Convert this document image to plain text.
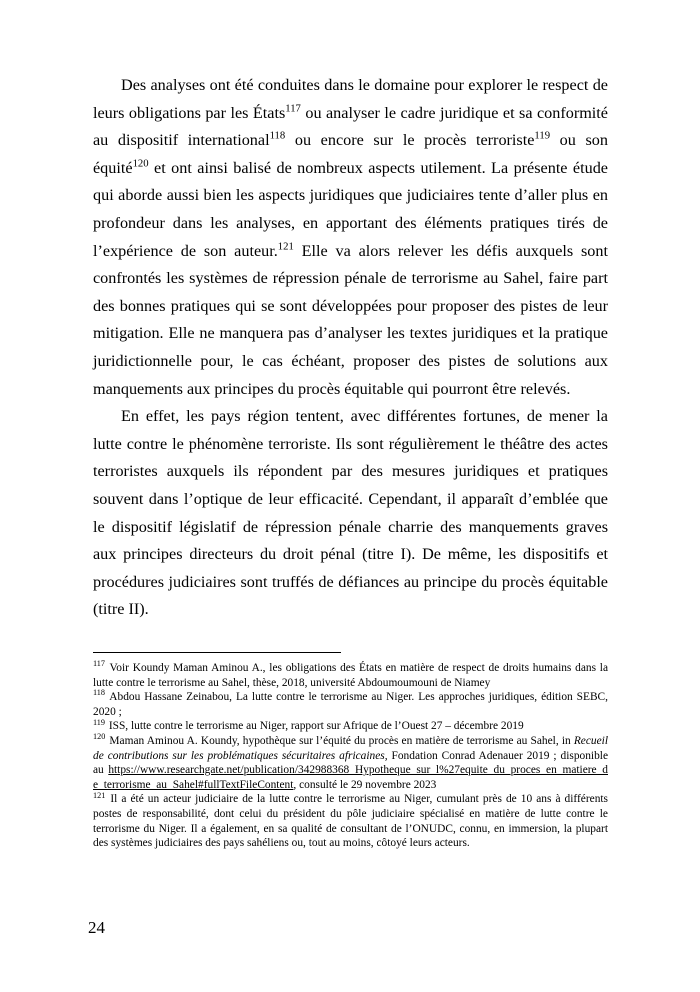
Des analyses ont été conduites dans le domaine pour explorer le respect de leurs obligations par les États$^{117}$ ou analyser le cadre juridique et sa conformité au dispositif international$^{118}$ ou encore sur le procès terroriste$^{119}$ ou son équité$^{120}$ et ont ainsi balisé de nombreux aspects utilement. La présente étude qui aborde aussi bien les aspects juridiques que judiciaires tente d’aller plus en profondeur dans les analyses, en apportant des éléments pratiques tirés de l’expérience de son auteur.$^{121}$ Elle va alors relever les défis auxquels sont confrontés les systèmes de répression pénale de terrorisme au Sahel, faire part des bonnes pratiques qui se sont développées pour proposer des pistes de leur mitigation. Elle ne manquera pas d’analyser les textes juridiques et la pratique juridictionnelle pour, le cas échéant, proposer des pistes de solutions aux manquements aux principes du procès équitable qui pourront être relevés.

En effet, les pays région tentent, avec différentes fortunes, de mener la lutte contre le phénomène terroriste. Ils sont régulièrement le théâtre des actes terroristes auxquels ils répondent par des mesures juridiques et pratiques souvent dans l’optique de leur efficacité. Cependant, il apparaît d’emblée que le dispositif législatif de répression pénale charrie des manquements graves aux principes directeurs du droit pénal (titre I). De même, les dispositifs et procédures judiciaires sont truffés de défiances au principe du procès équitable (titre II).

$^{117}$ Voir Koundy Maman Aminou A., les obligations des États en matière de respect de droits humains dans la lutte contre le terrorisme au Sahel, thèse, 2018, université Abdoumoumouni de Niamey

$^{118}$ Abdou Hassane Zeinabou, La lutte contre le terrorisme au Niger. Les approches juridiques, édition SEBC, 2020 ;

$^{119}$ ISS, lutte contre le terrorisme au Niger, rapport sur Afrique de l’Ouest 27 – décembre 2019

$^{120}$ Maman Aminou A. Koundy, hypothèque sur l’équité du procès en matière de terrorisme au Sahel, in Recueil de contributions sur les problématiques sécuritaires africaines, Fondation Conrad Adenauer 2019 ; disponible au https://www.researchgate.net/publication/342988368_Hypotheque_sur_l%27equite_du_proces_en_matiere_de_terrorisme_au_Sahel#fullTextFileContent, consulté le 29 novembre 2023

$^{121}$ Il a été un acteur judiciaire de la lutte contre le terrorisme au Niger, cumulant près de 10 ans à différents postes de responsabilité, dont celui du président du pôle judiciaire spécialisé en matière de lutte contre le terrorisme du Niger. Il a également, en sa qualité de consultant de l’ONUDC, connu, en immersion, la plupart des systèmes judiciaires des pays sahéliens ou, tout au moins, côtoyé leurs acteurs.

24
